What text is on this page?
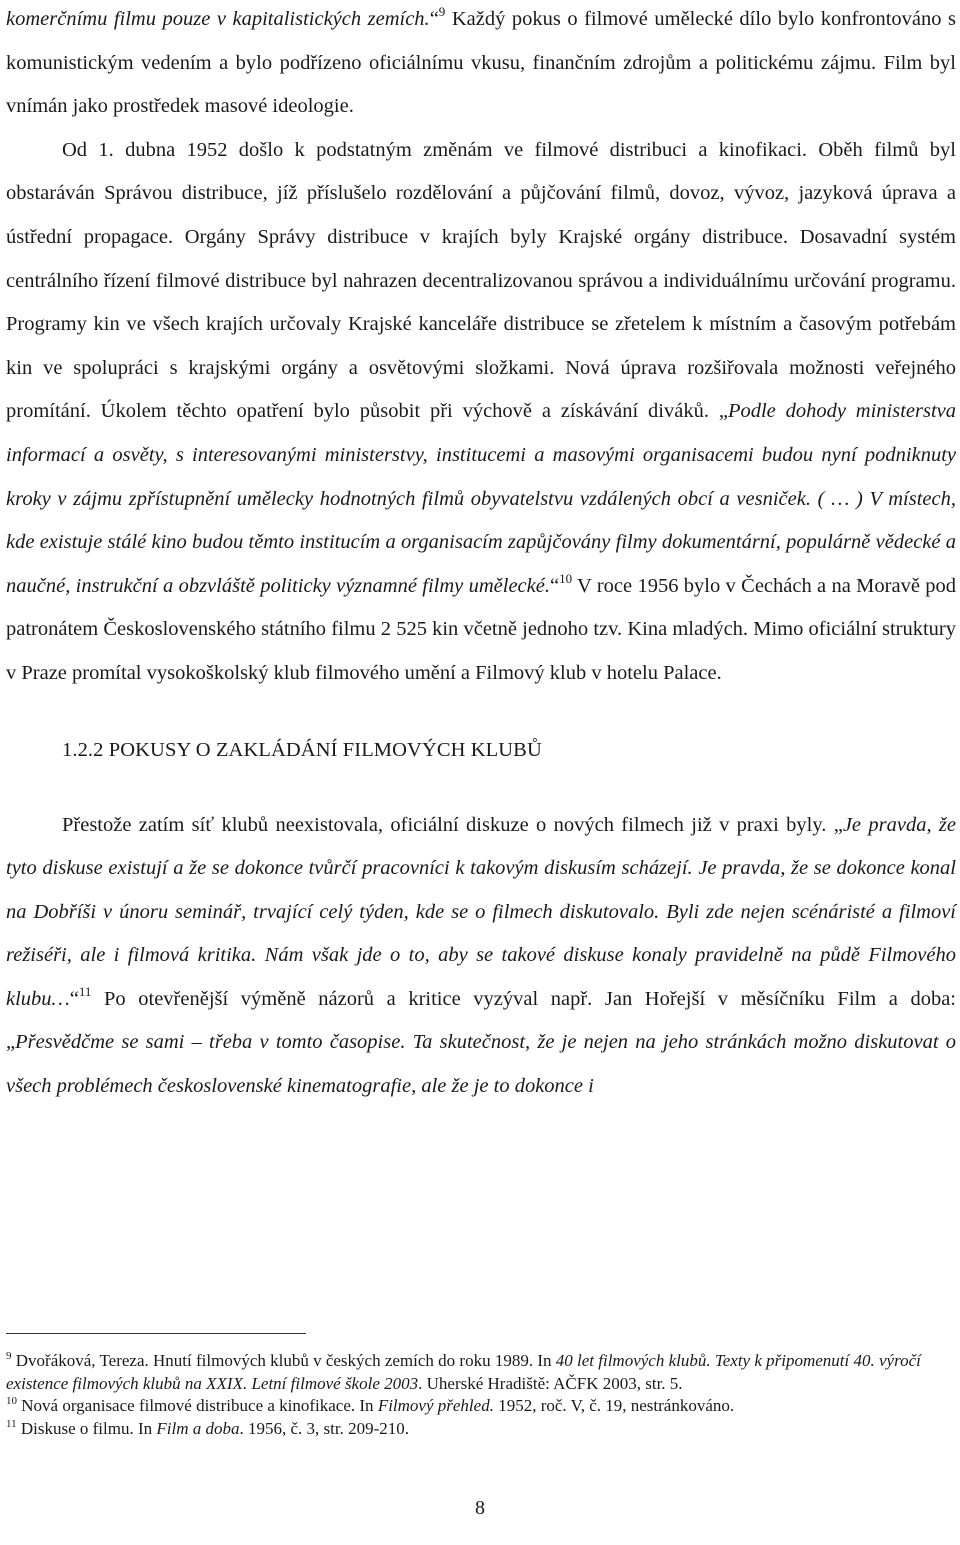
komerčnímu filmu pouze v kapitalistických zemích.“$^9$ Každý pokus o filmové umělecké dílo bylo konfrontováno s komunistickým vedením a bylo podřízeno oficiálnímu vkusu, finančním zdrojům a politickému zájmu. Film byl vnímán jako prostředek masové ideologie.

Od 1. dubna 1952 došlo k podstatným změnám ve filmové distribuci a kinofikaci. Oběh filmů byl obstaráván Správou distribuce, jíž příslušelo rozdělování a půjčování filmů, dovoz, vývoz, jazyková úprava a ústřední propagace. Orgány Správy distribuce v krajích byly Krajské orgány distribuce. Dosavadní systém centrálního řízení filmové distribuce byl nahrazen decentralizovanou správou a individuálnímu určování programu. Programy kin ve všech krajích určovaly Krajské kanceláře distribuce se zřetelem k místním a časovým potřebám kin ve spolupráci s krajskými orgány a osvětovými složkami. Nová úprava rozšiřovala možnosti veřejného promítání. Úkolem těchto opatření bylo působit při výchově a získávání diváků. „Podle dohody ministerstva informací a osvěty, s interesovanými ministerstvy, institucemi a masovými organisacemi budou nyní podniknuty kroky v zájmu zpřístupnění umělecky hodnotných filmů obyvatelstvu vzdálených obcí a vesniček. ( … ) V místech, kde existuje stálé kino budou těmto institucím a organisacím zapůjčovány filmy dokumentární, populárně vědecké a naučné, instrukční a obzvláště politicky významné filmy umělecké.“$^{10}$ V roce 1956 bylo v Čechách a na Moravě pod patronátem Československého státního filmu 2 525 kin včetně jednoho tzv. Kina mladých. Mimo oficiální struktury v Praze promítal vysokoškolský klub filmového umění a Filmový klub v hotelu Palace.

1.2.2 POKUSY O ZAKLÁDÁNÍ FILMOVÝCH KLUBŮ

Přestože zatím síť klubů neexistovala, oficiální diskuze o nových filmech již v praxi byly. „Je pravda, že tyto diskuse existují a že se dokonce tvůrčí pracovníci k takovým diskusím scházejí. Je pravda, že se dokonce konal na Dobříši v únoru seminář, trvající celý týden, kde se o filmech diskutovalo. Byli zde nejen scénáristé a filmoví režiséři, ale i filmová kritika. Nám však jde o to, aby se takové diskuse konaly pravidelně na půdě Filmového klubu…“$^{11}$ Po otevřenější výměně názorů a kritice vyzýval např. Jan Hořejší v měsíčníku Film a doba: „Přesvědčme se sami – třeba v tomto časopise. Ta skutečnost, že je nejen na jeho stránkách možno diskutovat o všech problémech československé kinematografie, ale že je to dokonce i

$^9$ Dvořáková, Tereza. Hnutí filmových klubů v českých zemích do roku 1989. In 40 let filmových klubů. Texty k připomenutí 40. výročí existence filmových klubů na XXIX. Letní filmové škole 2003. Uherské Hradiště: AČFK 2003, str. 5.

$^{10}$ Nová organisace filmové distribuce a kinofikace. In Filmový přehled. 1952, roč. V, č. 19, nestránkováno.

$^{11}$ Diskuse o filmu. In Film a doba. 1956, č. 3, str. 209-210.

8
